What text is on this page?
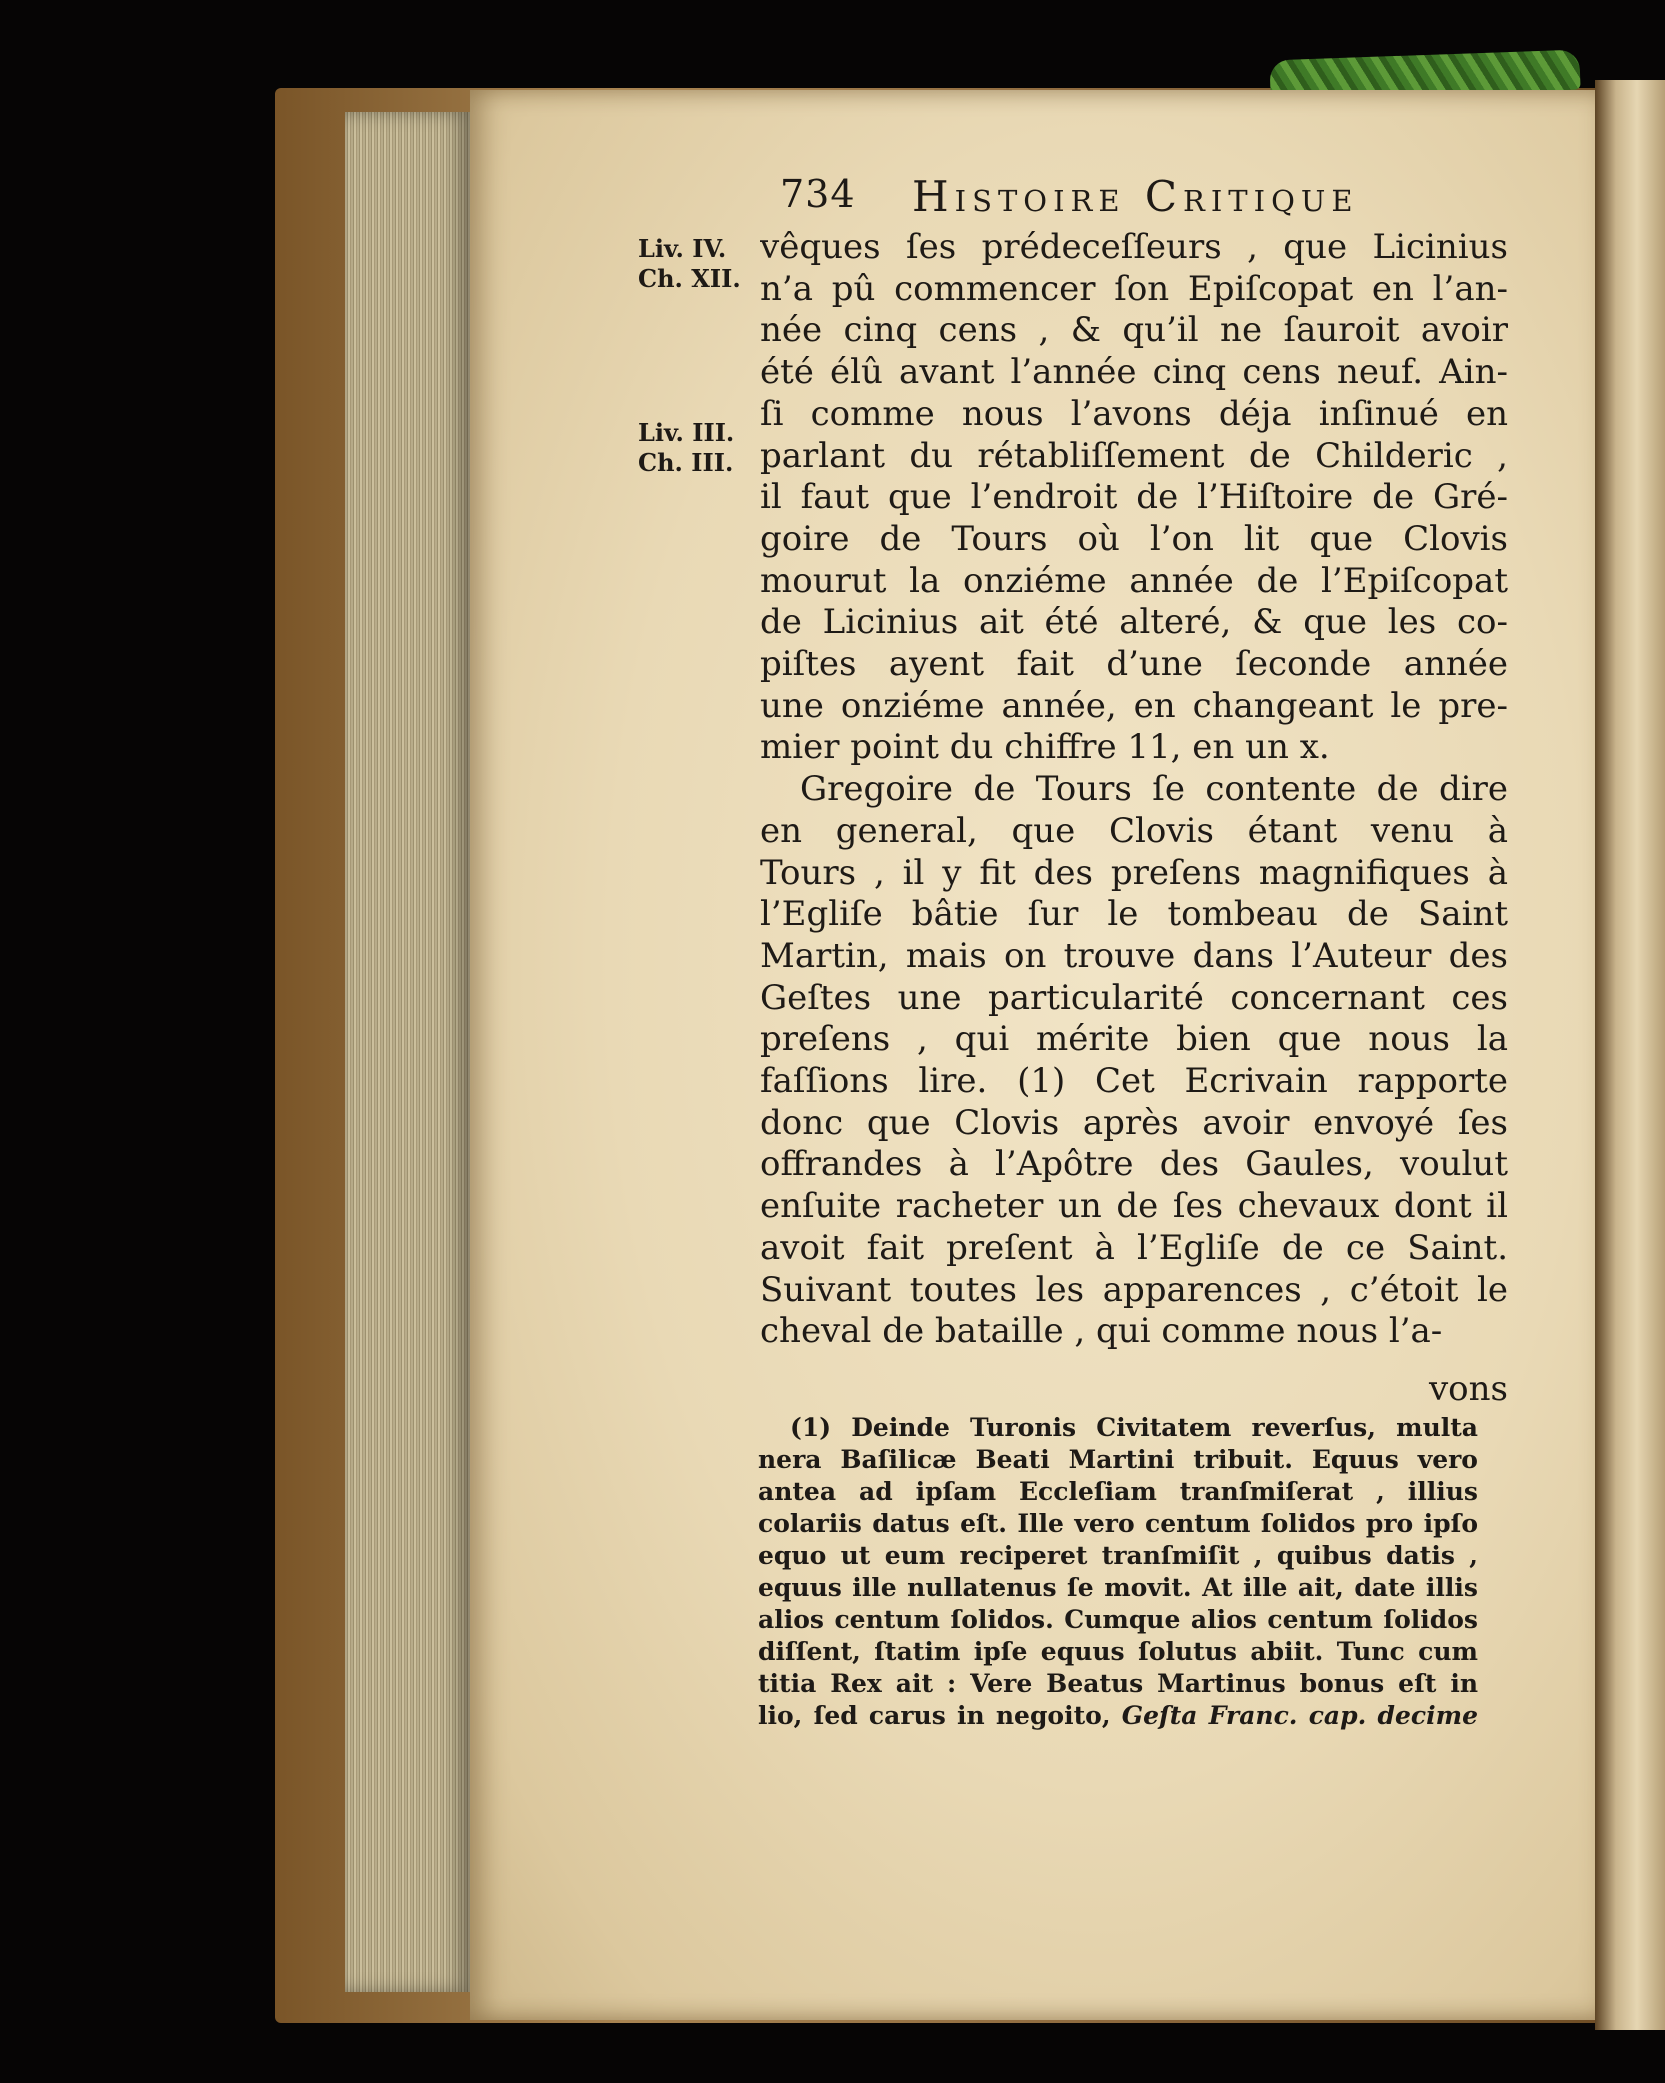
734 Histoire Critique
Liv. IV.
Ch. XII.
Liv. III.
Ch. III.
vêques ſes prédeceſſeurs , que Licinius
n’a pû commencer ſon Epiſcopat en l’an-
née cinq cens , & qu’il ne ſauroit avoir
été élû avant l’année cinq cens neuf. Ain-
ſi comme nous l’avons déja inſinué en
parlant du rétabliſſement de Childeric ,
il faut que l’endroit de l’Hiſtoire de Gré-
goire de Tours où l’on lit que Clovis
mourut la onziéme année de l’Epiſcopat
de Licinius ait été alteré, & que les co-
piſtes ayent fait d’une ſeconde année
une onziéme année, en changeant le pre-
mier point du chiffre 11, en un x.
Gregoire de Tours ſe contente de dire
en general, que Clovis étant venu à
Tours , il y fit des preſens magnifiques à
l’Egliſe bâtie ſur le tombeau de Saint
Martin, mais on trouve dans l’Auteur des
Geſtes une particularité concernant ces
preſens , qui mérite bien que nous la
faſſions lire. (1) Cet Ecrivain rapporte
donc que Clovis après avoir envoyé ſes
offrandes à l’Apôtre des Gaules, voulut
enſuite racheter un de ſes chevaux dont il
avoit fait preſent à l’Egliſe de ce Saint.
Suivant toutes les apparences , c’étoit le
cheval de bataille , qui comme nous l’a-
vons
(1) Deinde Turonis Civitatem reverſus, multa
nera Baſilicæ Beati Martini tribuit. Equus vero
antea ad ipſam Eccleſiam tranſmiſerat , illius
colariis datus eſt. Ille vero centum ſolidos pro ipſo
equo ut eum reciperet tranſmiſit , quibus datis ,
equus ille nullatenus ſe movit. At ille ait, date illis
alios centum ſolidos. Cumque alios centum ſolidos
diſſent, ſtatim ipſe equus ſolutus abiit. Tunc cum
titia Rex ait : Vere Beatus Martinus bonus eſt in
lio, ſed carus in negoito, Geſta Franc. cap. decime
